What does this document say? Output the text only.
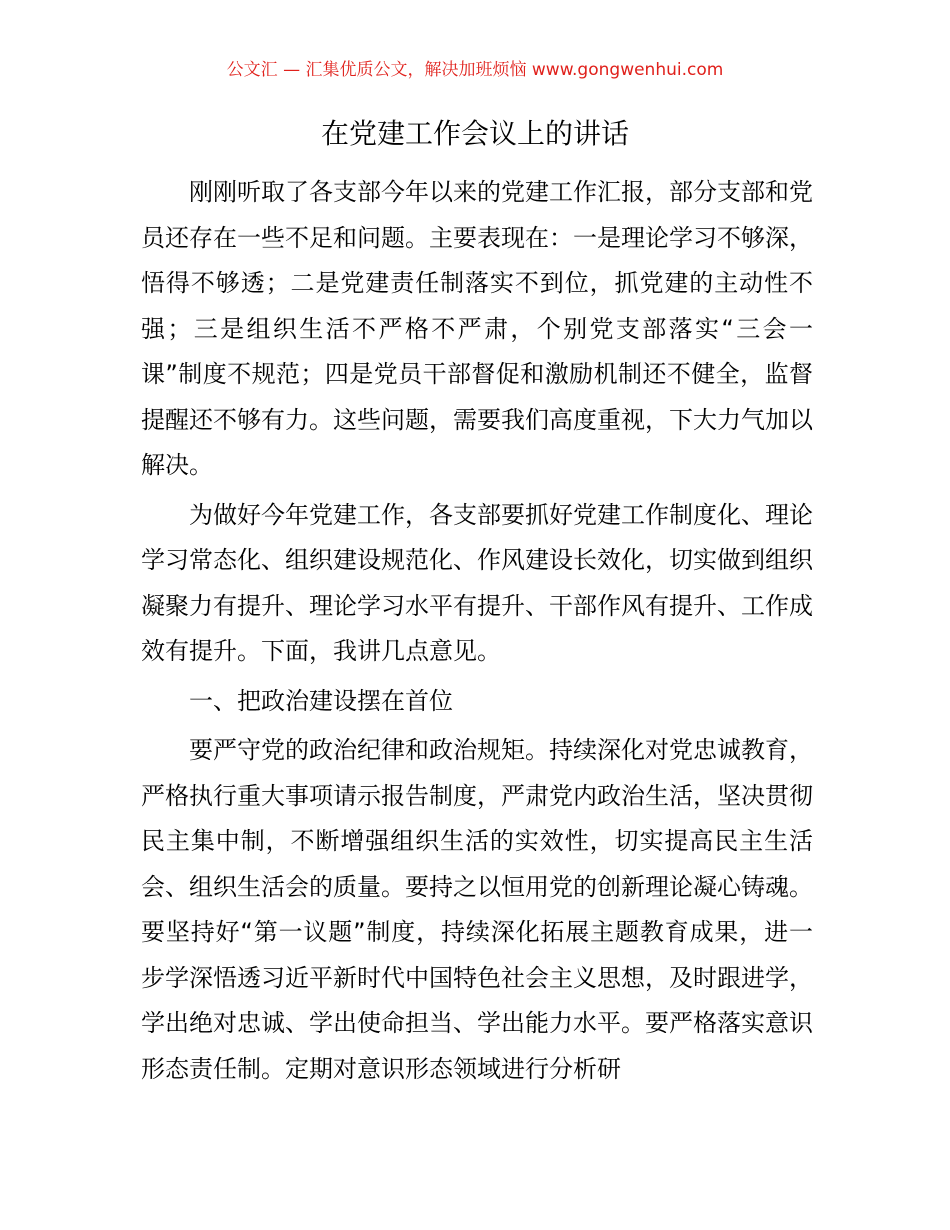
公文汇 — 汇集优质公文，解决加班烦恼 www.gongwenhui.com
在党建工作会议上的讲话

刚刚听取了各支部今年以来的党建工作汇报，部分支部和党员还存在一些不足和问题。主要表现在：一是理论学习不够深，悟得不够透；二是党建责任制落实不到位，抓党建的主动性不强；三是组织生活不严格不严肃，个别党支部落实“三会一课”制度不规范；四是党员干部督促和激励机制还不健全，监督提醒还不够有力。这些问题，需要我们高度重视，下大力气加以解决。

为做好今年党建工作，各支部要抓好党建工作制度化、理论学习常态化、组织建设规范化、作风建设长效化，切实做到组织凝聚力有提升、理论学习水平有提升、干部作风有提升、工作成效有提升。下面，我讲几点意见。

一、把政治建设摆在首位

要严守党的政治纪律和政治规矩。持续深化对党忠诚教育，严格执行重大事项请示报告制度，严肃党内政治生活，坚决贯彻民主集中制，不断增强组织生活的实效性，切实提高民主生活会、组织生活会的质量。要持之以恒用党的创新理论凝心铸魂。要坚持好“第一议题”制度，持续深化拓展主题教育成果，进一步学深悟透习近平新时代中国特色社会主义思想，及时跟进学，学出绝对忠诚、学出使命担当、学出能力水平。要严格落实意识形态责任制。定期对意识形态领域进行分析研
